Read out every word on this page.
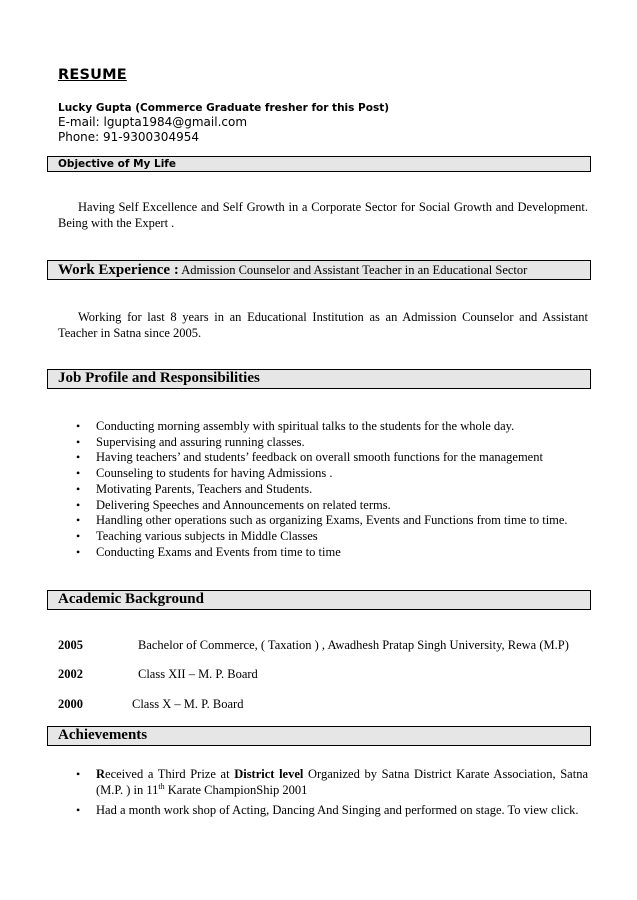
RESUME
Lucky Gupta (Commerce Graduate fresher for this Post)
E-mail: lgupta1984@gmail.com
Phone: 91-9300304954
Objective of My Life
Having Self Excellence and Self Growth in a Corporate Sector for Social Growth and Development. Being with the Expert .
Work Experience : Admission Counselor and Assistant Teacher in an Educational Sector
Working for last 8 years in an Educational Institution as an Admission Counselor and Assistant Teacher in Satna since 2005.
Job Profile and Responsibilities
• Conducting morning assembly with spiritual talks to the students for the whole day.
• Supervising and assuring running classes.
• Having teachers’ and students’ feedback on overall smooth functions for the management
• Counseling to students for having Admissions .
• Motivating Parents, Teachers and Students.
• Delivering Speeches and Announcements on related terms.
• Handling other operations such as organizing Exams, Events and Functions from time to time.
• Teaching various subjects in Middle Classes
• Conducting Exams and Events from time to time
Academic Background
2005	Bachelor of Commerce, ( Taxation ) , Awadhesh Pratap Singh University, Rewa (M.P)
2002	Class XII – M. P. Board
2000	Class X – M. P. Board
Achievements
• Received a Third Prize at District level Organized by Satna District Karate Association, Satna (M.P. ) in 11th Karate ChampionShip 2001
• Had a month work shop of Acting, Dancing And Singing and performed on stage. To view click.
